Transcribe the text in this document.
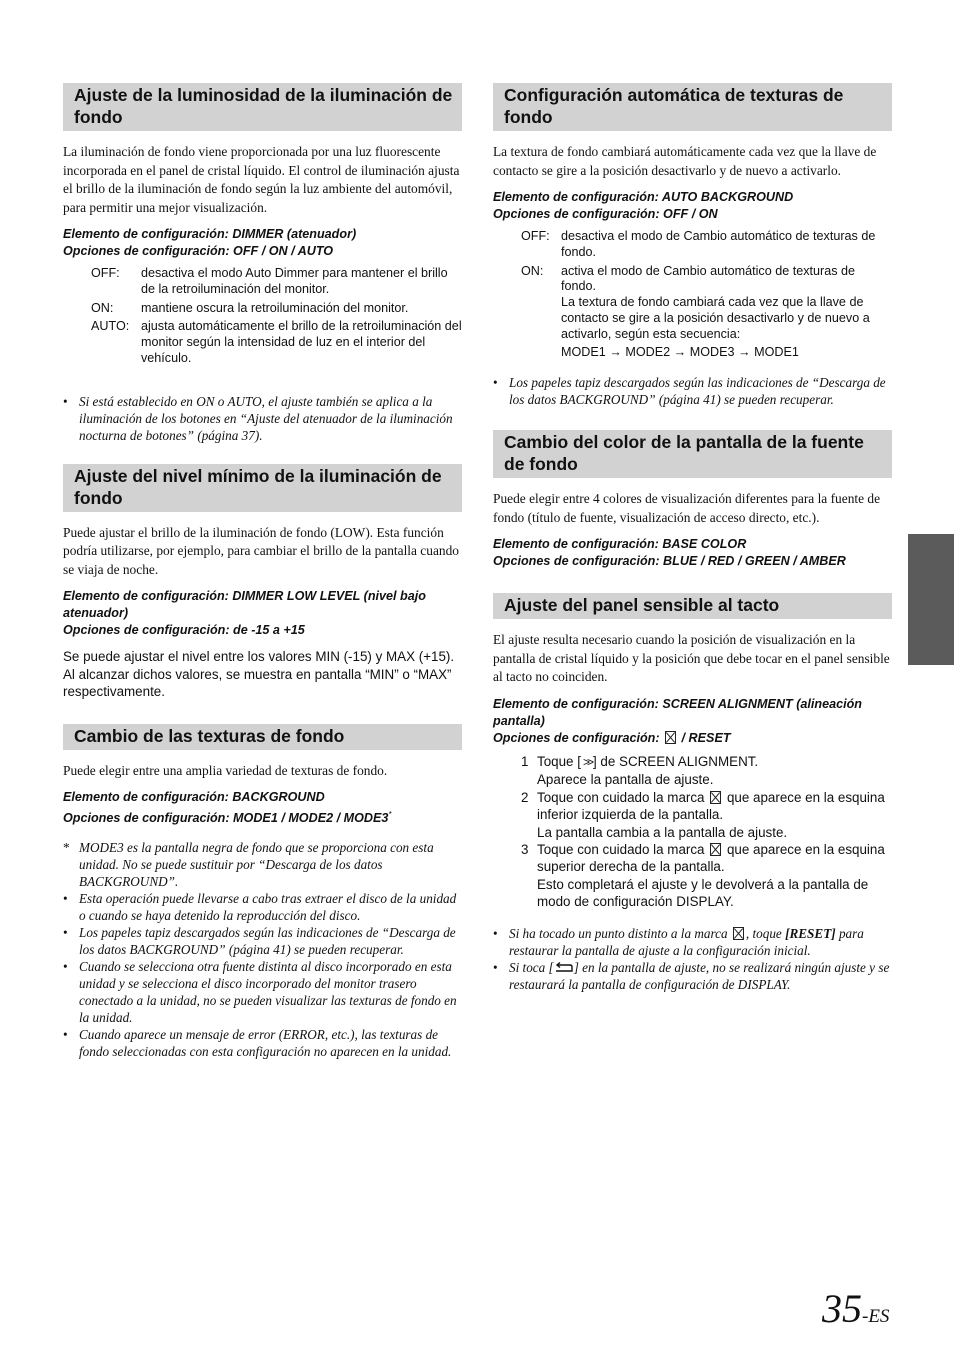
Ajuste de la luminosidad de la iluminación de fondo

La iluminación de fondo viene proporcionada por una luz fluorescente incorporada en el panel de cristal líquido. El control de iluminación ajusta el brillo de la iluminación de fondo según la luz ambiente del automóvil, para permitir una mejor visualización.

Elemento de configuración: DIMMER (atenuador)
Opciones de configuración: OFF / ON / AUTO
OFF:	desactiva el modo Auto Dimmer para mantener el brillo de la retroiluminación del monitor.
ON:	mantiene oscura la retroiluminación del monitor.
AUTO: ajusta automáticamente el brillo de la retroiluminación del monitor según la intensidad de luz en el interior del vehículo.
• Si está establecido en ON o AUTO, el ajuste también se aplica a la iluminación de los botones en “Ajuste del atenuador de la iluminación nocturna de botones” (página 37).
Ajuste del nivel mínimo de la iluminación de fondo

Puede ajustar el brillo de la iluminación de fondo (LOW). Esta función podría utilizarse, por ejemplo, para cambiar el brillo de la pantalla cuando se viaja de noche.

Elemento de configuración: DIMMER LOW LEVEL (nivel bajo atenuador)
Opciones de configuración: de -15 a +15
Se puede ajustar el nivel entre los valores MIN (-15) y MAX (+15).
Al alcanzar dichos valores, se muestra en pantalla “MIN” o “MAX” respectivamente.
Cambio de las texturas de fondo

Puede elegir entre una amplia variedad de texturas de fondo.

Elemento de configuración: BACKGROUND
Opciones de configuración: MODE1 / MODE2 / MODE3*
* MODE3 es la pantalla negra de fondo que se proporciona con esta unidad. No se puede sustituir por “Descarga de los datos BACKGROUND”.
• Esta operación puede llevarse a cabo tras extraer el disco de la unidad o cuando se haya detenido la reproducción del disco.
• Los papeles tapiz descargados según las indicaciones de “Descarga de los datos BACKGROUND” (página 41) se pueden recuperar.
• Cuando se selecciona otra fuente distinta al disco incorporado en esta unidad y se selecciona el disco incorporado del monitor trasero conectado a la unidad, no se pueden visualizar las texturas de fondo en la unidad.
• Cuando aparece un mensaje de error (ERROR, etc.), las texturas de fondo seleccionadas con esta configuración no aparecen en la unidad.
Configuración automática de texturas de fondo

La textura de fondo cambiará automáticamente cada vez que la llave de contacto se gire a la posición desactivarlo y de nuevo a activarlo.

Elemento de configuración: AUTO BACKGROUND
Opciones de configuración: OFF / ON
OFF: desactiva el modo de Cambio automático de texturas de fondo.
ON:	activa el modo de Cambio automático de texturas de fondo.
La textura de fondo cambiará cada vez que la llave de contacto se gire a la posición desactivarlo y de nuevo a activarlo, según esta secuencia:
MODE1 → MODE2 → MODE3 → MODE1
• Los papeles tapiz descargados según las indicaciones de “Descarga de los datos BACKGROUND” (página 41) se pueden recuperar.
Cambio del color de la pantalla de la fuente de fondo

Puede elegir entre 4 colores de visualización diferentes para la fuente de fondo (título de fuente, visualización de acceso directo, etc.).

Elemento de configuración: BASE COLOR
Opciones de configuración: BLUE / RED / GREEN / AMBER
Ajuste del panel sensible al tacto

El ajuste resulta necesario cuando la posición de visualización en la pantalla de cristal líquido y la posición que debe tocar en el panel sensible al tacto no coinciden.

Elemento de configuración: SCREEN ALIGNMENT (alineación pantalla)
Opciones de configuración: / RESET
1 Toque [ >> ] de SCREEN ALIGNMENT.
Aparece la pantalla de ajuste.
2 Toque con cuidado la marca que aparece en la esquina inferior izquierda de la pantalla.
La pantalla cambia a la pantalla de ajuste.
3 Toque con cuidado la marca que aparece en la esquina superior derecha de la pantalla.
Esto completará el ajuste y le devolverá a la pantalla de modo de configuración DISPLAY.
• Si ha tocado un punto distinto a la marca , toque [RESET] para restaurar la pantalla de ajuste a la configuración inicial.
• Si toca [ ] en la pantalla de ajuste, no se realizará ningún ajuste y se restaurará la pantalla de configuración de DISPLAY.
35-ES
